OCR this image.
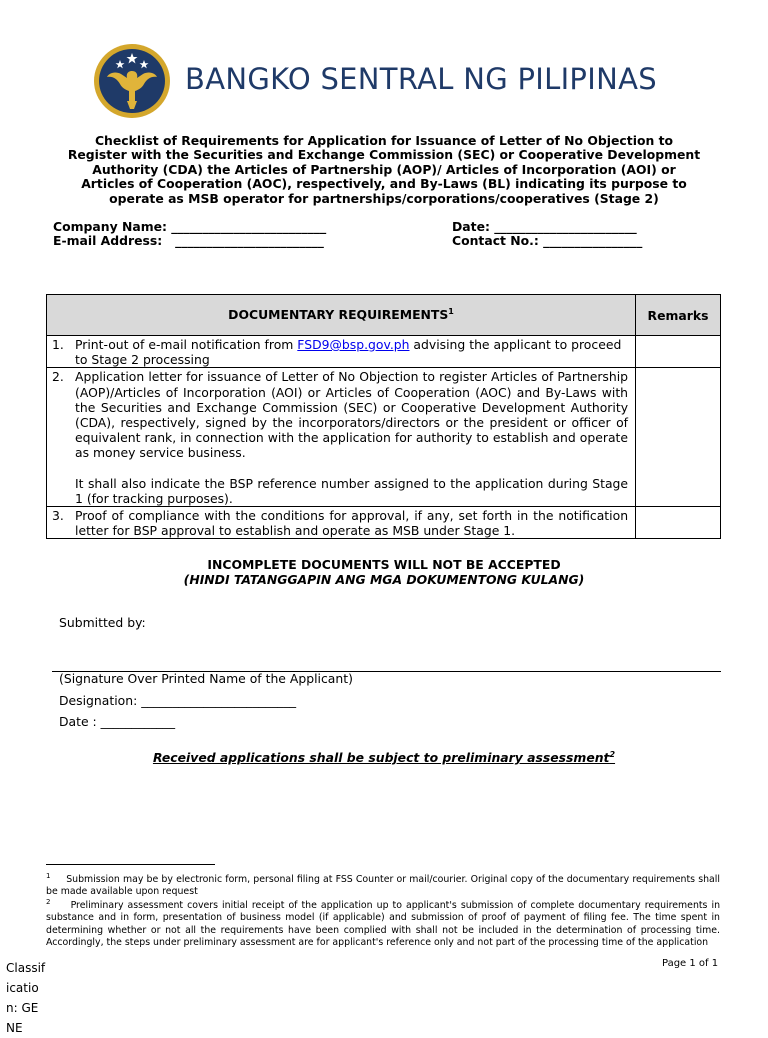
BANGKO SENTRAL NG PILIPINAS
Checklist of Requirements for Application for Issuance of Letter of No Objection to
Register with the Securities and Exchange Commission (SEC) or Cooperative Development
Authority (CDA) the Articles of Partnership (AOP)/ Articles of Incorporation (AOI) or
Articles of Cooperation (AOC), respectively, and By-Laws (BL) indicating its purpose to
operate as MSB operator for partnerships/corporations/cooperatives (Stage 2)
Company Name: _________________________
E-mail Address:   ________________________
Date: _______________________
Contact No.: ________________
DOCUMENTARY REQUIREMENTS$^1$	Remarks

1. Print-out of e-mail notification from FSD9@bsp.gov.ph advising the applicant to proceed to Stage 2 processing	

2. Application letter for issuance of Letter of No Objection to register Articles of Partnership (AOP)/Articles of Incorporation (AOI) or Articles of Cooperation (AOC) and By-Laws with the Securities and Exchange Commission (SEC) or Cooperative Development Authority (CDA), respectively, signed by the incorporators/directors or the president or officer of equivalent rank, in connection with the application for authority to establish and operate as money service business.
It shall also indicate the BSP reference number assigned to the application during Stage 1 (for tracking purposes).	

3. Proof of compliance with the conditions for approval, if any, set forth in the notification letter for BSP approval to establish and operate as MSB under Stage 1.	

INCOMPLETE DOCUMENTS WILL NOT BE ACCEPTED
(HINDI TATANGGAPIN ANG MGA DOKUMENTONG KULANG)
Submitted by:
(Signature Over Printed Name of the Applicant)
Designation: _________________________
Date : ____________
Received applications shall be subject to preliminary assessment$^2$
$^1$ Submission may be by electronic form, personal filing at FSS Counter or mail/courier. Original copy of the documentary requirements shall be made available upon request
$^2$ Preliminary assessment covers initial receipt of the application up to applicant's submission of complete documentary requirements in substance and in form, presentation of business model (if applicable) and submission of proof of payment of filing fee. The time spent in determining whether or not all the requirements have been complied with shall not be included in the determination of processing time. Accordingly, the steps under preliminary assessment are for applicant's reference only and not part of the processing time of the application
Page 1 of 1
Classification: GENE
